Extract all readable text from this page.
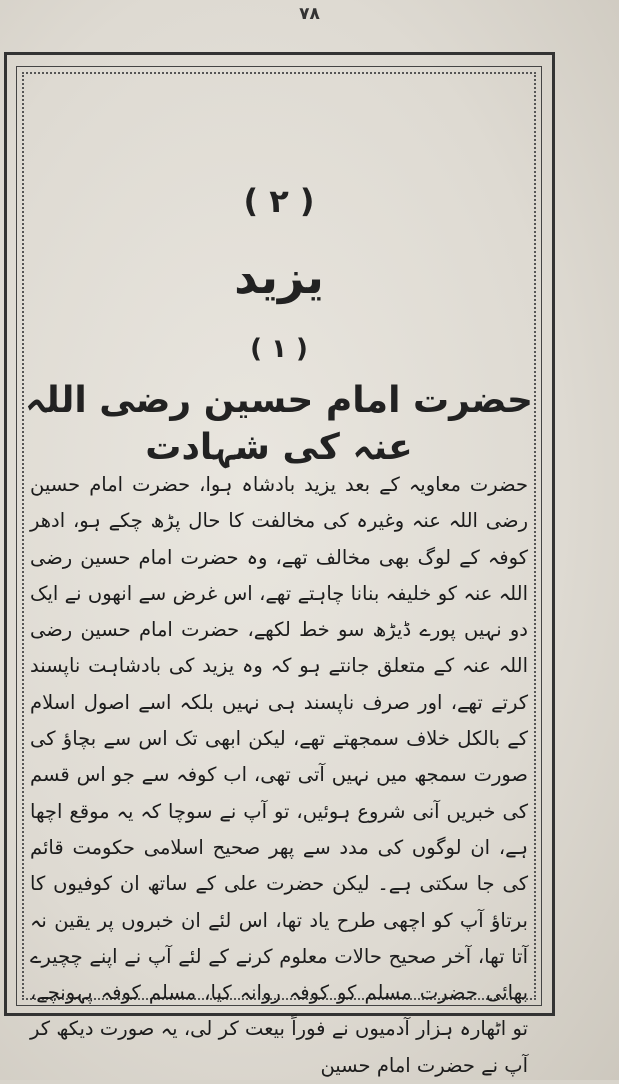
٧٨
( ٢ )
یزید
( ١ )
حضرت امام حسین رضی اللہ عنہ کی شہادت

حضرت معاویہ کے بعد یزید بادشاہ ہوا، حضرت امام حسین رضی اللہ عنہ وغیرہ کی مخالفت کا حال پڑھ چکے ہو، ادھر کوفہ کے لوگ بھی مخالف تھے، وہ حضرت امام حسین رضی اللہ عنہ کو خلیفہ بنانا چاہتے تھے، اس غرض سے انھوں نے ایک دو نہیں پورے ڈیڑھ سو خط لکھے، حضرت امام حسین رضی اللہ عنہ کے متعلق جانتے ہو کہ وہ یزید کی بادشاہت ناپسند کرتے تھے، اور صرف ناپسند ہی نہیں بلکہ اسے اصول اسلام کے بالکل خلاف سمجھتے تھے، لیکن ابھی تک اس سے بچاؤ کی صورت سمجھ میں نہیں آتی تھی، اب کوفہ سے جو اس قسم کی خبریں آنی شروع ہوئیں، تو آپ نے سوچا کہ یہ موقع اچھا ہے، ان لوگوں کی مدد سے پھر صحیح اسلامی حکومت قائم کی جا سکتی ہے۔ لیکن حضرت علی کے ساتھ ان کوفیوں کا برتاؤ آپ کو اچھی طرح یاد تھا، اس لئے ان خبروں پر یقین نہ آتا تھا، آخر صحیح حالات معلوم کرنے کے لئے آپ نے اپنے چچیرے بھائی حضرت مسلم کو کوفہ روانہ کیا، مسلم کوفہ پہونچے، تو اٹھارہ ہزار آدمیوں نے فوراً بیعت کر لی، یہ صورت دیکھ کر آپ نے حضرت امام حسین
